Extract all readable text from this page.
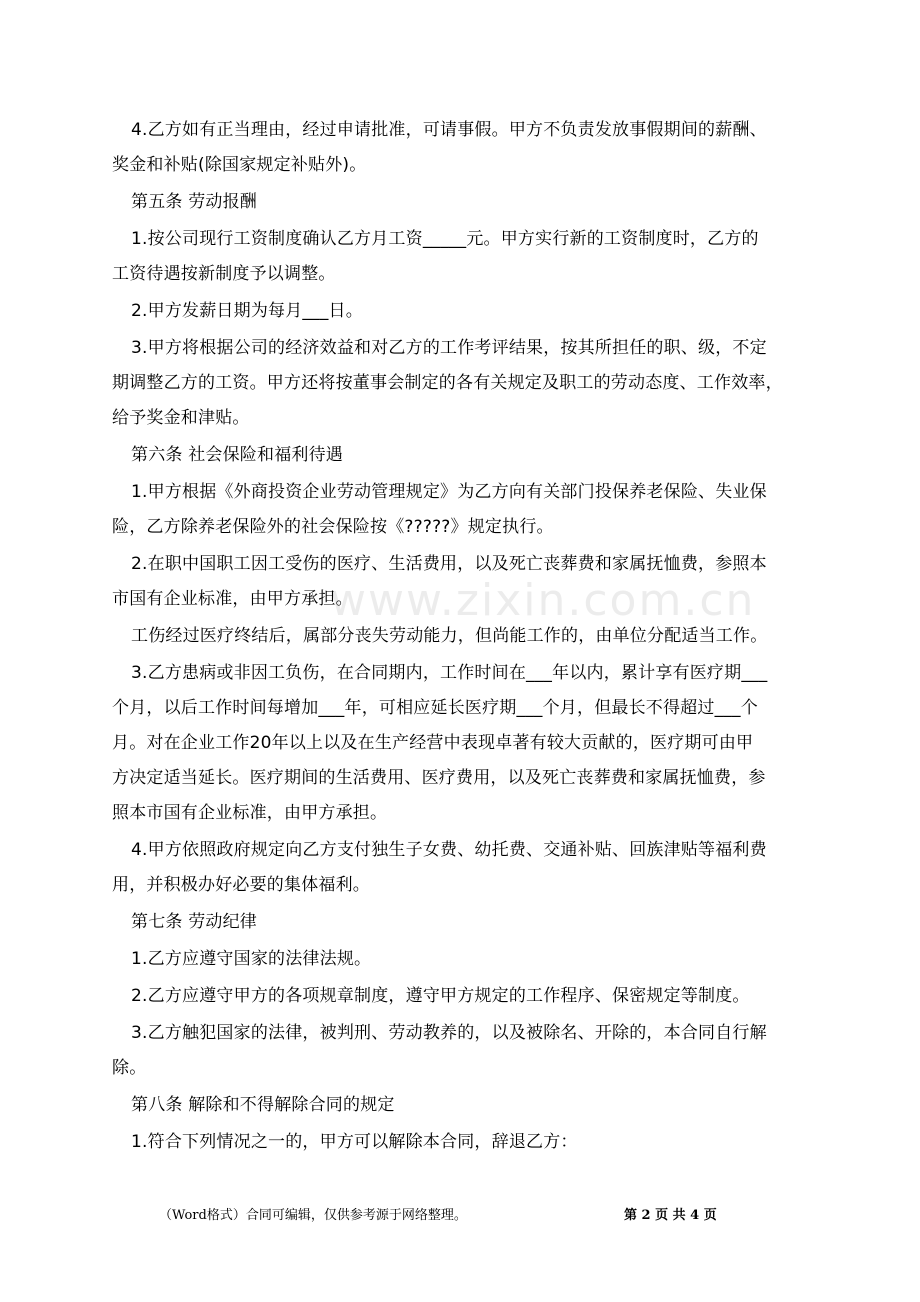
www.zixin.com.cn
4.乙方如有正当理由，经过申请批准，可请事假。甲方不负责发放事假期间的薪酬、
奖金和补贴(除国家规定补贴外)。
第五条 劳动报酬
1.按公司现行工资制度确认乙方月工资_____元。甲方实行新的工资制度时，乙方的
工资待遇按新制度予以调整。
2.甲方发薪日期为每月___日。
3.甲方将根据公司的经济效益和对乙方的工作考评结果，按其所担任的职、级，不定
期调整乙方的工资。甲方还将按董事会制定的各有关规定及职工的劳动态度、工作效率，
给予奖金和津贴。
第六条 社会保险和福利待遇
1.甲方根据《外商投资企业劳动管理规定》为乙方向有关部门投保养老保险、失业保
险，乙方除养老保险外的社会保险按《?????》规定执行。
2.在职中国职工因工受伤的医疗、生活费用，以及死亡丧葬费和家属抚恤费，参照本
市国有企业标准，由甲方承担。
工伤经过医疗终结后，属部分丧失劳动能力，但尚能工作的，由单位分配适当工作。
3.乙方患病或非因工负伤，在合同期内，工作时间在___年以内，累计享有医疗期___
个月，以后工作时间每增加___年，可相应延长医疗期___个月，但最长不得超过___个
月。对在企业工作20年以上以及在生产经营中表现卓著有较大贡献的，医疗期可由甲
方决定适当延长。医疗期间的生活费用、医疗费用，以及死亡丧葬费和家属抚恤费，参
照本市国有企业标准，由甲方承担。
4.甲方依照政府规定向乙方支付独生子女费、幼托费、交通补贴、回族津贴等福利费
用，并积极办好必要的集体福利。
第七条 劳动纪律
1.乙方应遵守国家的法律法规。
2.乙方应遵守甲方的各项规章制度，遵守甲方规定的工作程序、保密规定等制度。
3.乙方触犯国家的法律，被判刑、劳动教养的，以及被除名、开除的，本合同自行解
除。
第八条 解除和不得解除合同的规定
1.符合下列情况之一的，甲方可以解除本合同，辞退乙方：
（Word格式）合同可编辑，仅供参考源于网络整理。	第 2 页 共 4 页
